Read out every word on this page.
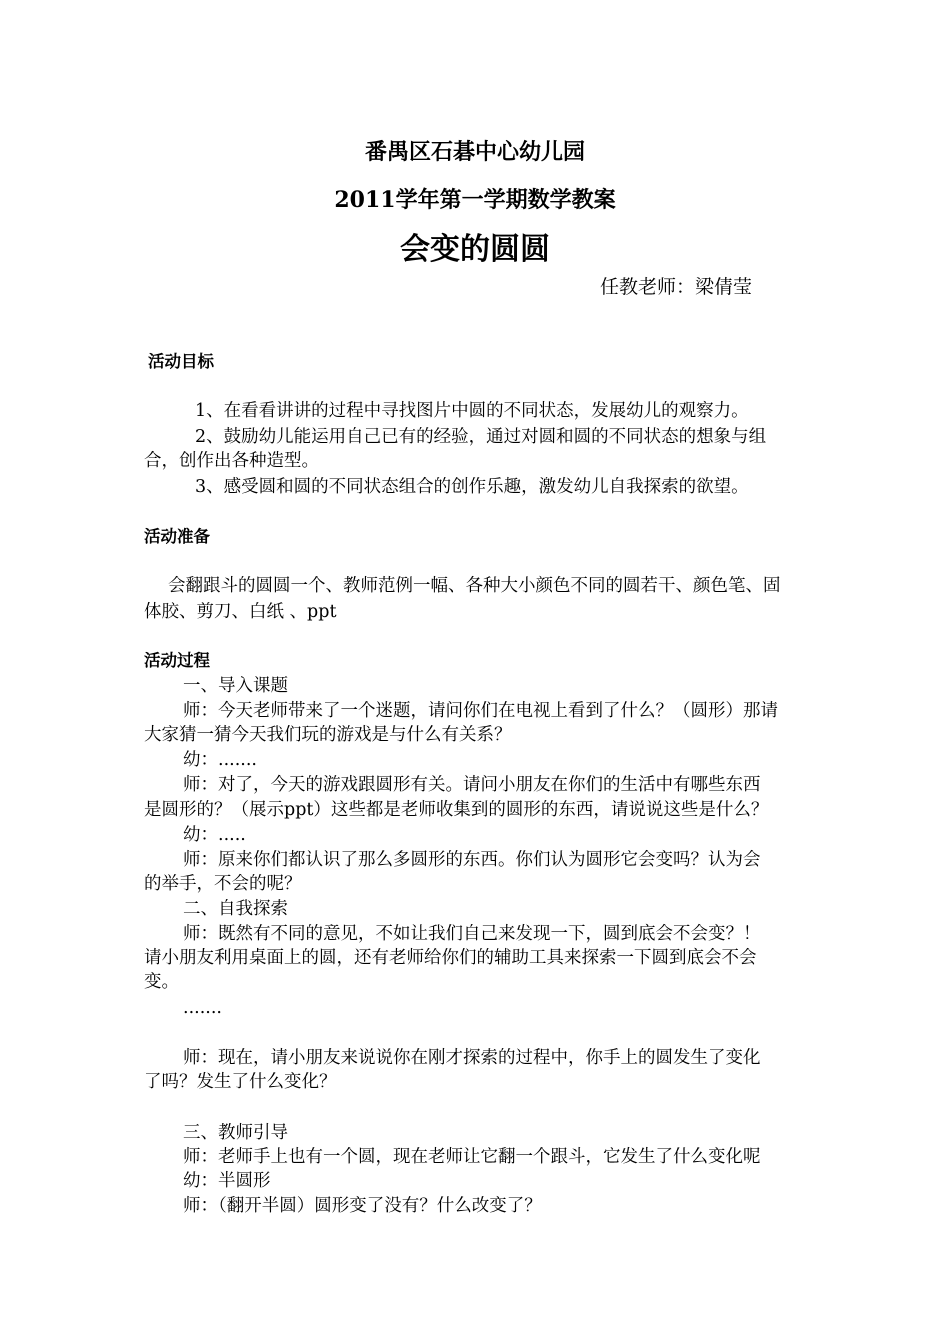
番禺区石碁中心幼儿园
2011学年第一学期数学教案
会变的圆圆
任教老师：梁倩莹
活动目标
1、在看看讲讲的过程中寻找图片中圆的不同状态，发展幼儿的观察力。
2、鼓励幼儿能运用自己已有的经验，通过对圆和圆的不同状态的想象与组
合，创作出各种造型。
3、感受圆和圆的不同状态组合的创作乐趣，激发幼儿自我探索的欲望。
活动准备
会翻跟斗的圆圆一个、教师范例一幅、各种大小颜色不同的圆若干、颜色笔、固
体胶、剪刀、白纸 、ppt
活动过程
一、导入课题
师：今天老师带来了一个迷题，请问你们在电视上看到了什么？（圆形）那请
大家猜一猜今天我们玩的游戏是与什么有关系？
幼：.......
师：对了，今天的游戏跟圆形有关。请问小朋友在你们的生活中有哪些东西
是圆形的？（展示ppt）这些都是老师收集到的圆形的东西，请说说这些是什么？
幼：.....
师：原来你们都认识了那么多圆形的东西。你们认为圆形它会变吗？认为会
的举手，不会的呢？
二、自我探索
师：既然有不同的意见，不如让我们自己来发现一下，圆到底会不会变？！
请小朋友利用桌面上的圆，还有老师给你们的辅助工具来探索一下圆到底会不会
变。
.......
师：现在，请小朋友来说说你在刚才探索的过程中，你手上的圆发生了变化
了吗？发生了什么变化？
三、教师引导
师：老师手上也有一个圆，现在老师让它翻一个跟斗，它发生了什么变化呢
幼：半圆形
师：（翻开半圆）圆形变了没有？什么改变了？
